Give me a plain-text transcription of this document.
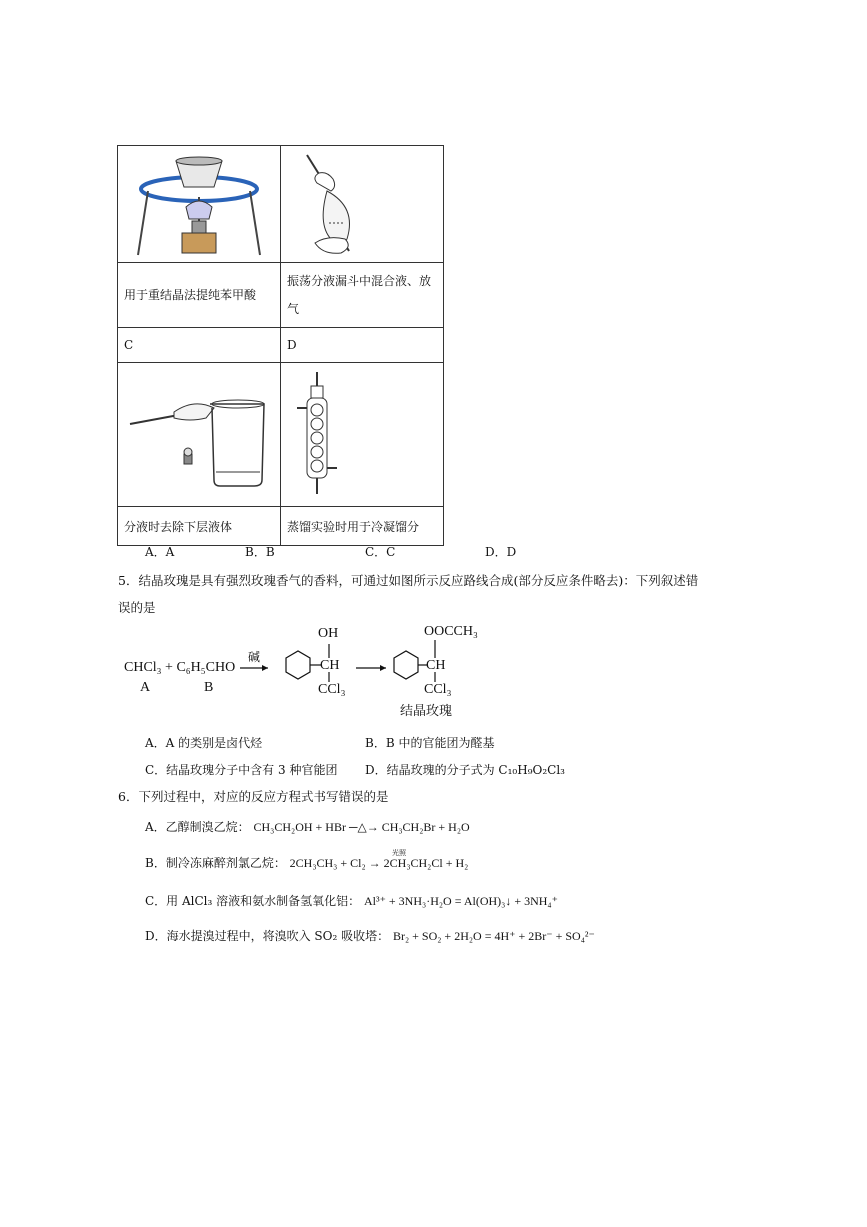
用于重结晶法提纯苯甲酸	振荡分液漏斗中混合液、放气
C	D

分液时去除下层液体	蒸馏实验时用于冷凝馏分
A．A	B．B	C．C	D．D
5．结晶玫瑰是具有强烈玫瑰香气的香料，可通过如图所示反应路线合成(部分反应条件略去)：下列叙述错
误的是
CHCl₃ + C₆H₅CHO
A	B
碱
OH
CH
CCl₃
OOCCH₃
CH
CCl₃
结晶玫瑰
A．A 的类别是卤代烃	B．B 中的官能团为醛基
C．结晶玫瑰分子中含有 3 种官能团 D．结晶玫瑰的分子式为 C₁₀H₉O₂Cl₃
6．下列过程中，对应的反应方程式书写错误的是
A．乙醇制溴乙烷： CH₃CH₂OH + HBr ─△→ CH₃CH₂Br + H₂O
光照
B．制冷冻麻醉剂氯乙烷： 2CH₃CH₃ + Cl₂ → 2CH₃CH₂Cl + H₂
C．用 AlCl₃ 溶液和氨水制备氢氧化铝： Al³⁺ + 3NH₃·H₂O = Al(OH)₃↓ + 3NH₄⁺
D．海水提溴过程中，将溴吹入 SO₂ 吸收塔： Br₂ + SO₂ + 2H₂O = 4H⁺ + 2Br⁻ + SO₄²⁻
